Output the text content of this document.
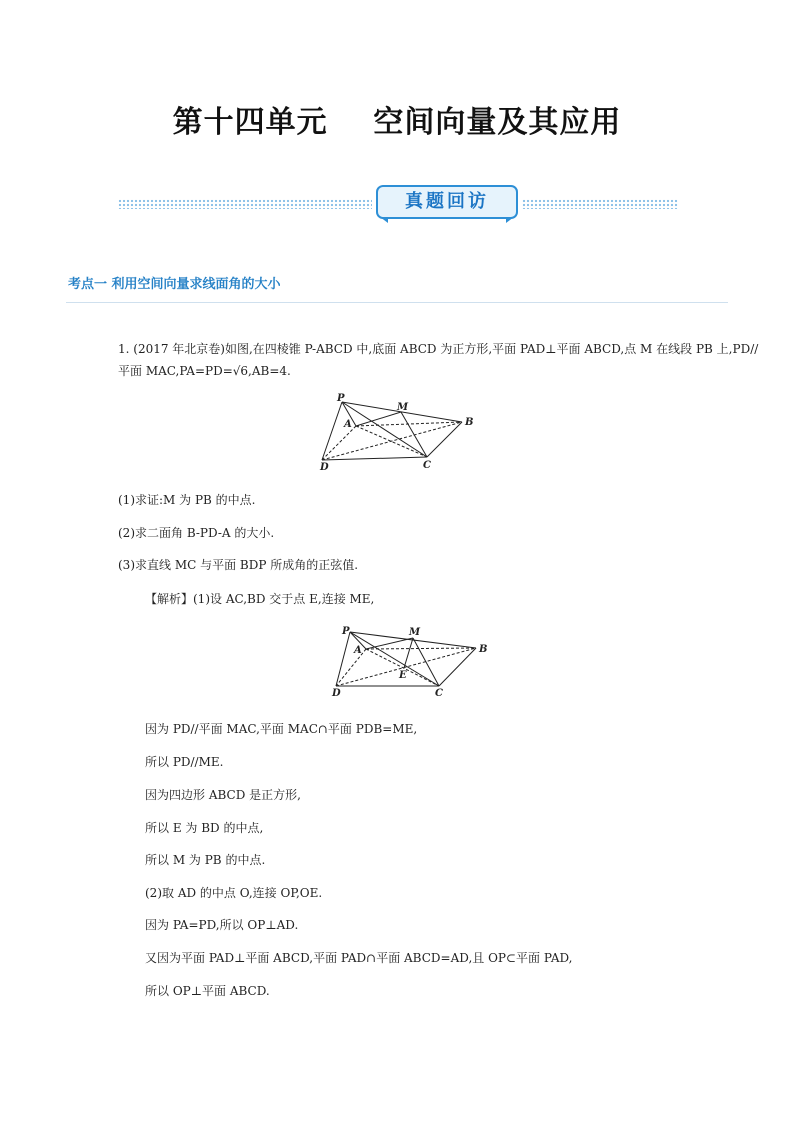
第十四单元    空间向量及其应用
真题回访
考点一 利用空间向量求线面角的大小
1. (2017 年北京卷)如图,在四棱锥 P-ABCD 中,底面 ABCD 为正方形,平面 PAD⊥平面 ABCD,点 M 在线段 PB 上,PD//
平面 MAC,PA=PD=√6,AB=4.
P
M
A	B
D	C
(1)求证:M 为 PB 的中点.
(2)求二面角 B-PD-A 的大小.
(3)求直线 MC 与平面 BDP 所成角的正弦值.
【解析】(1)设 AC,BD 交于点 E,连接 ME,
P	M
A	B
E
D	C
因为 PD//平面 MAC,平面 MAC∩平面 PDB=ME,
所以 PD//ME.
因为四边形 ABCD 是正方形,
所以 E 为 BD 的中点,
所以 M 为 PB 的中点.
(2)取 AD 的中点 O,连接 OP,OE.
因为 PA=PD,所以 OP⊥AD.
又因为平面 PAD⊥平面 ABCD,平面 PAD∩平面 ABCD=AD,且 OP⊂平面 PAD,
所以 OP⊥平面 ABCD.
